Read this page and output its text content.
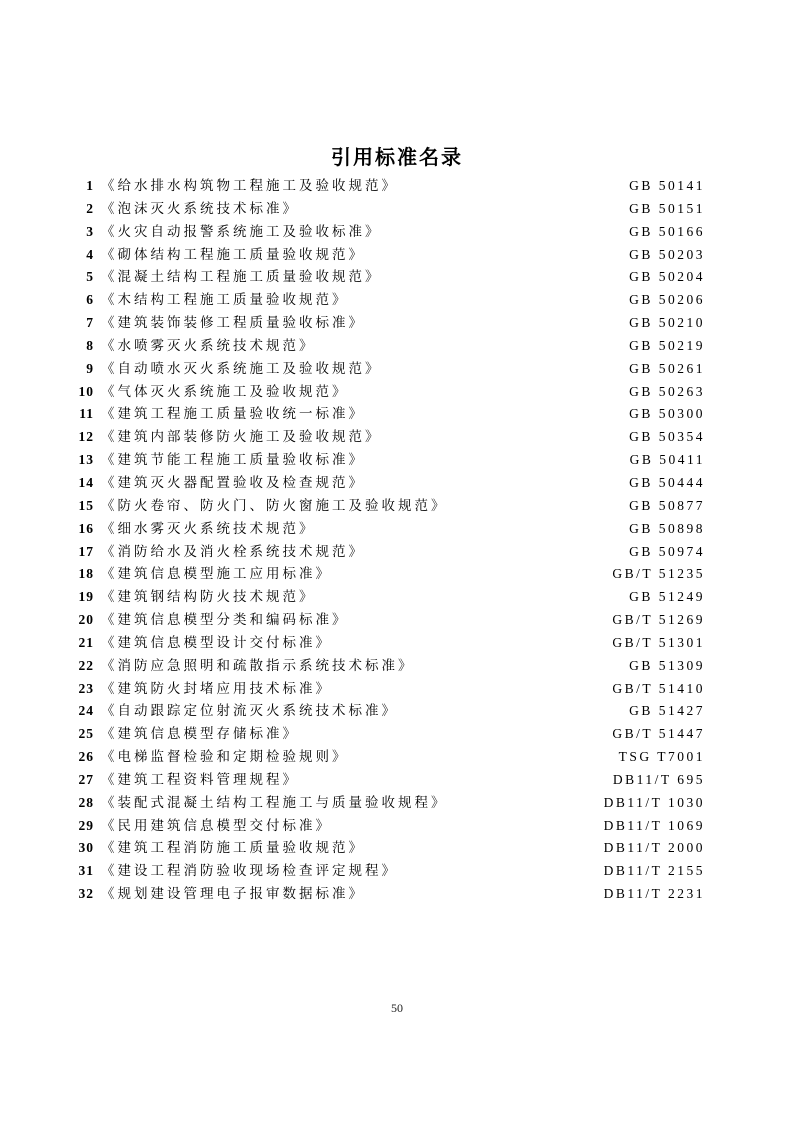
引用标准名录
1 《给水排水构筑物工程施工及验收规范》	GB 50141
2 《泡沫灭火系统技术标准》	GB 50151
3 《火灾自动报警系统施工及验收标准》	GB 50166
4 《砌体结构工程施工质量验收规范》	GB 50203
5 《混凝土结构工程施工质量验收规范》	GB 50204
6 《木结构工程施工质量验收规范》	GB 50206
7 《建筑装饰装修工程质量验收标准》	GB 50210
8 《水喷雾灭火系统技术规范》	GB 50219
9 《自动喷水灭火系统施工及验收规范》	GB 50261
10 《气体灭火系统施工及验收规范》	GB 50263
11 《建筑工程施工质量验收统一标准》	GB 50300
12 《建筑内部装修防火施工及验收规范》	GB 50354
13 《建筑节能工程施工质量验收标准》	GB 50411
14 《建筑灭火器配置验收及检查规范》	GB 50444
15 《防火卷帘、防火门、防火窗施工及验收规范》	GB 50877
16 《细水雾灭火系统技术规范》	GB 50898
17 《消防给水及消火栓系统技术规范》	GB 50974
18 《建筑信息模型施工应用标准》	GB/T 51235
19 《建筑钢结构防火技术规范》	GB 51249
20 《建筑信息模型分类和编码标准》	GB/T 51269
21 《建筑信息模型设计交付标准》	GB/T 51301
22 《消防应急照明和疏散指示系统技术标准》	GB 51309
23 《建筑防火封堵应用技术标准》	GB/T 51410
24 《自动跟踪定位射流灭火系统技术标准》	GB 51427
25 《建筑信息模型存储标准》	GB/T 51447
26 《电梯监督检验和定期检验规则》	TSG T7001
27 《建筑工程资料管理规程》	DB11/T 695
28 《装配式混凝土结构工程施工与质量验收规程》	DB11/T 1030
29 《民用建筑信息模型交付标准》	DB11/T 1069
30 《建筑工程消防施工质量验收规范》	DB11/T 2000
31 《建设工程消防验收现场检查评定规程》	DB11/T 2155
32 《规划建设管理电子报审数据标准》	DB11/T 2231
50
